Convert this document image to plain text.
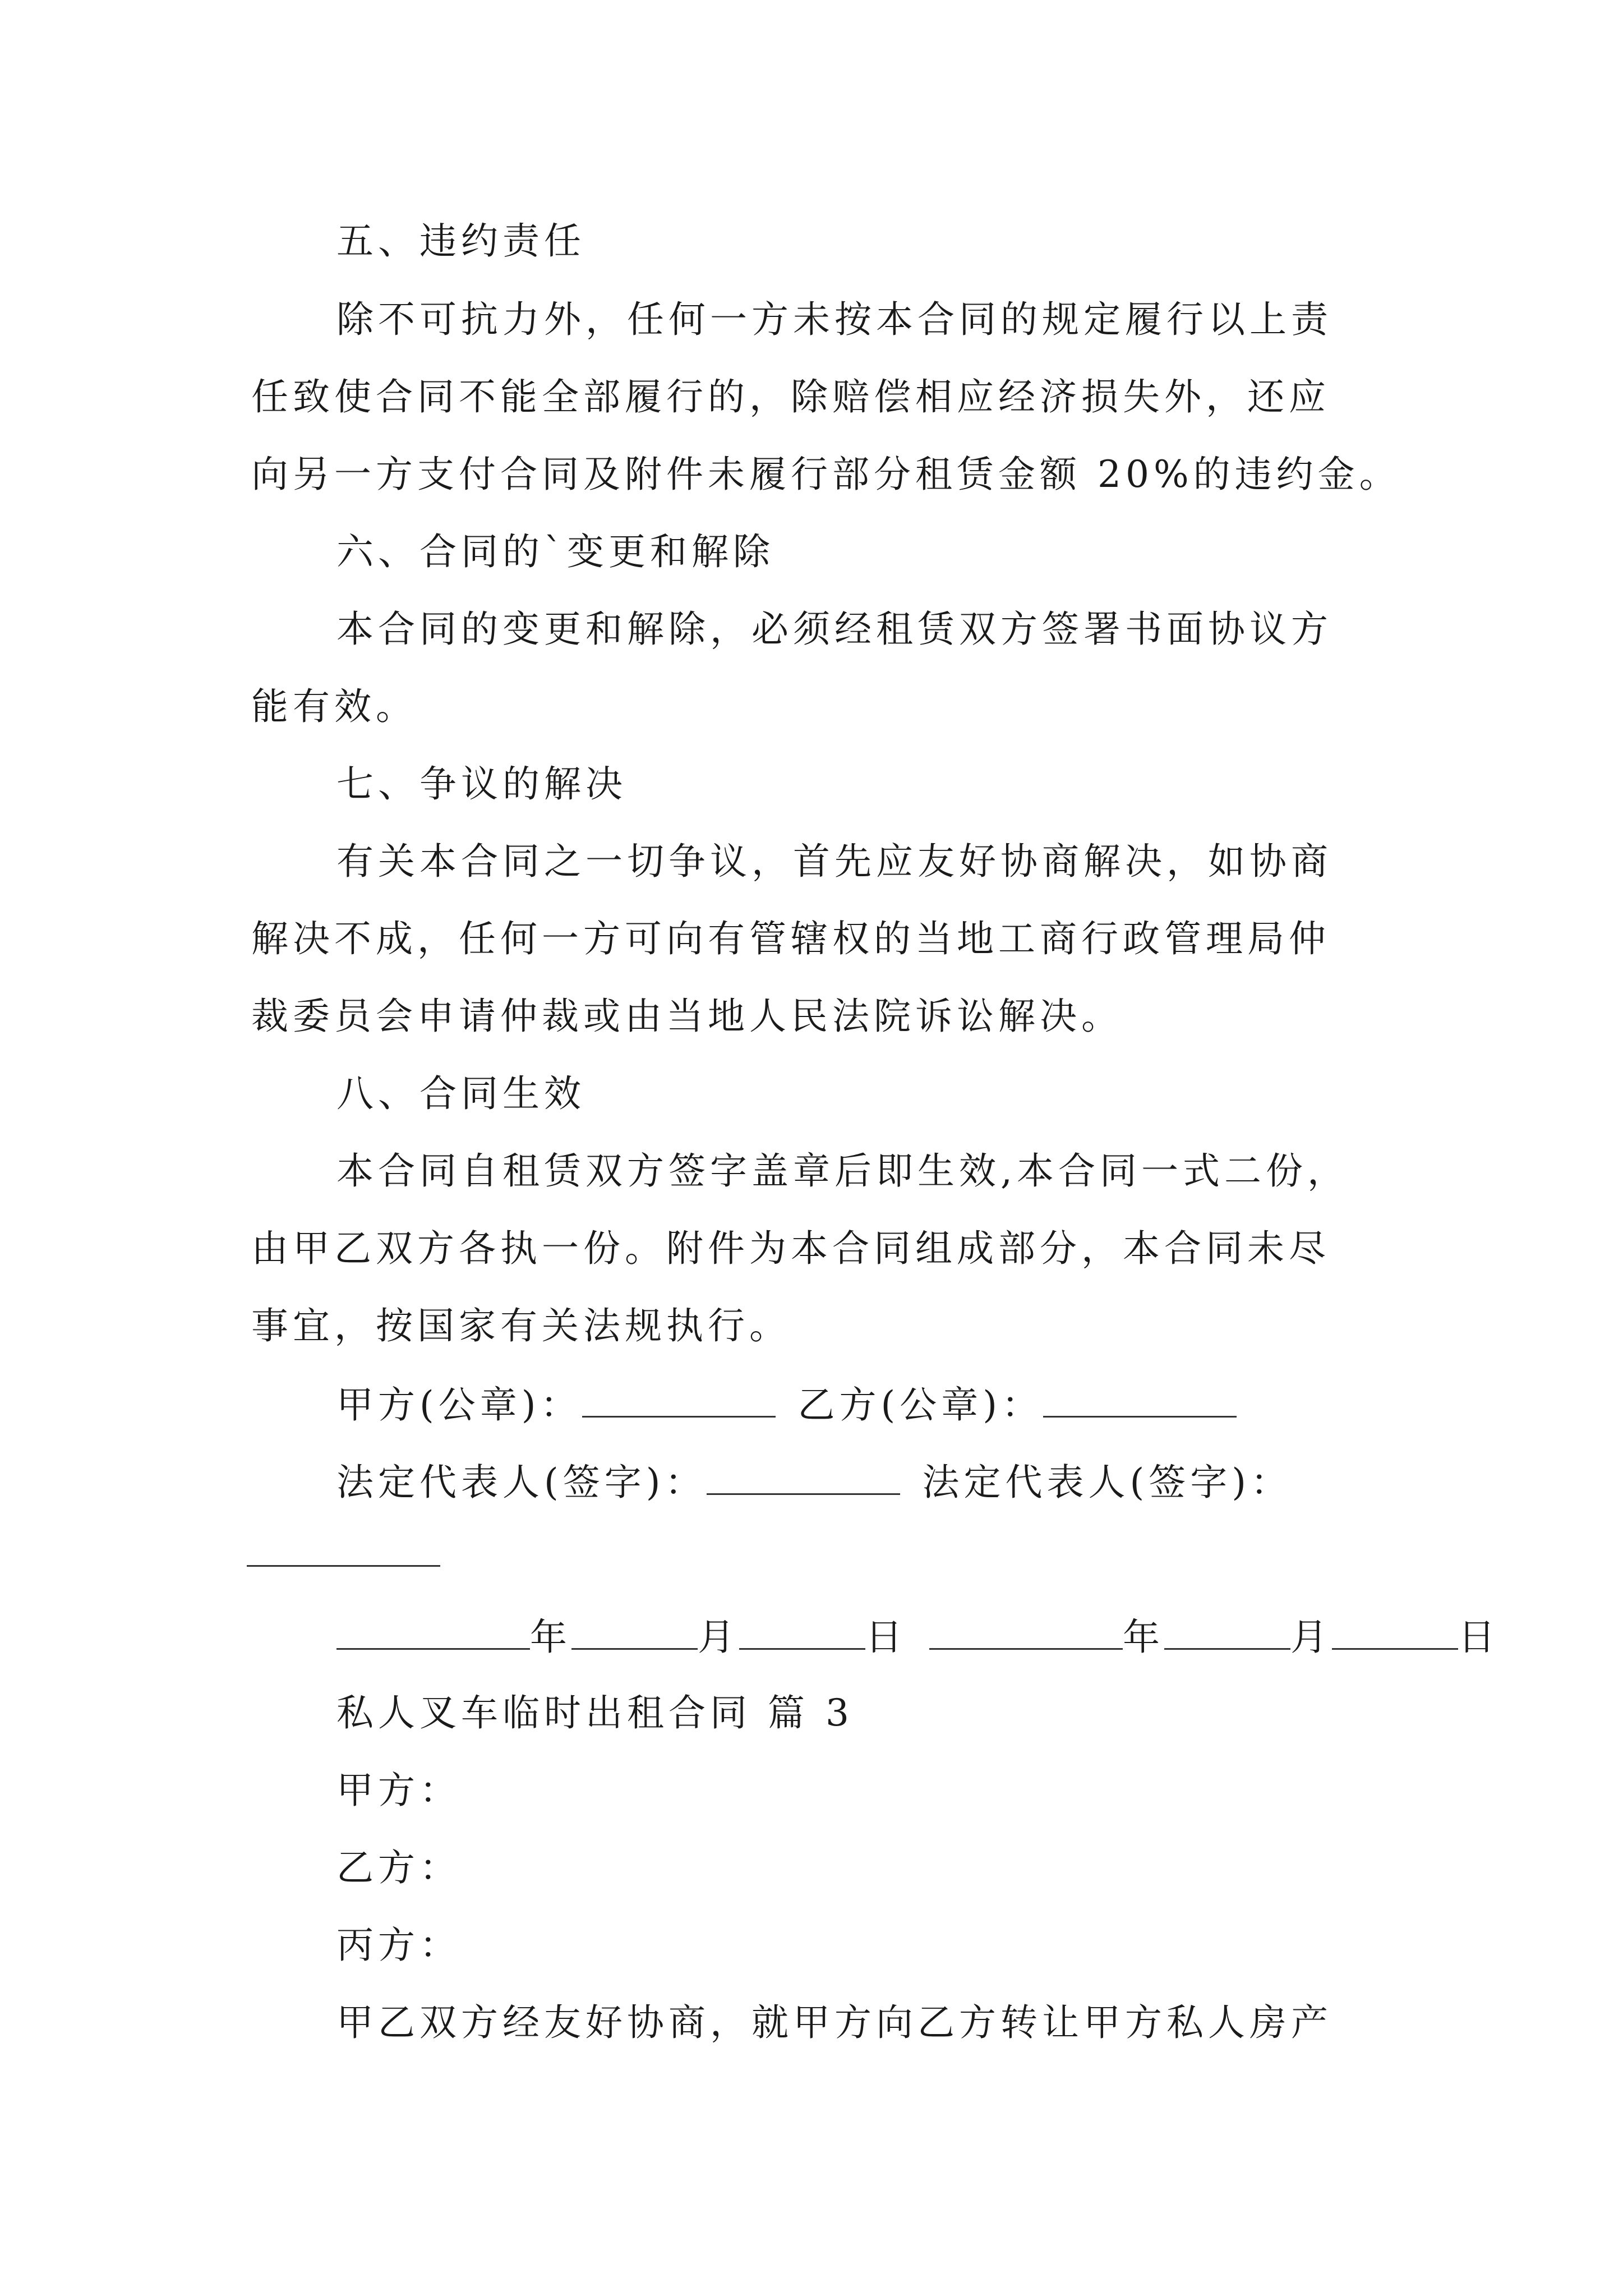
五、违约责任
除不可抗力外，任何一方未按本合同的规定履行以上责
任致使合同不能全部履行的，除赔偿相应经济损失外，还应
向另一方支付合同及附件未履行部分租赁金额 20%的违约金。
六、合同的`变更和解除
本合同的变更和解除，必须经租赁双方签署书面协议方
能有效。
七、争议的解决
有关本合同之一切争议，首先应友好协商解决，如协商
解决不成，任何一方可向有管辖权的当地工商行政管理局仲
裁委员会申请仲裁或由当地人民法院诉讼解决。
八、合同生效
本合同自租赁双方签字盖章后即生效,本合同一式二份，
由甲乙双方各执一份。附件为本合同组成部分，本合同未尽
事宜，按国家有关法规执行。
甲方(公章)：	乙方(公章)：
法定代表人(签字)：	法定代表人(签字)：
年	月	日	年	月	日
私人叉车临时出租合同 篇 3
甲方：
乙方：
丙方：
甲乙双方经友好协商，就甲方向乙方转让甲方私人房产
